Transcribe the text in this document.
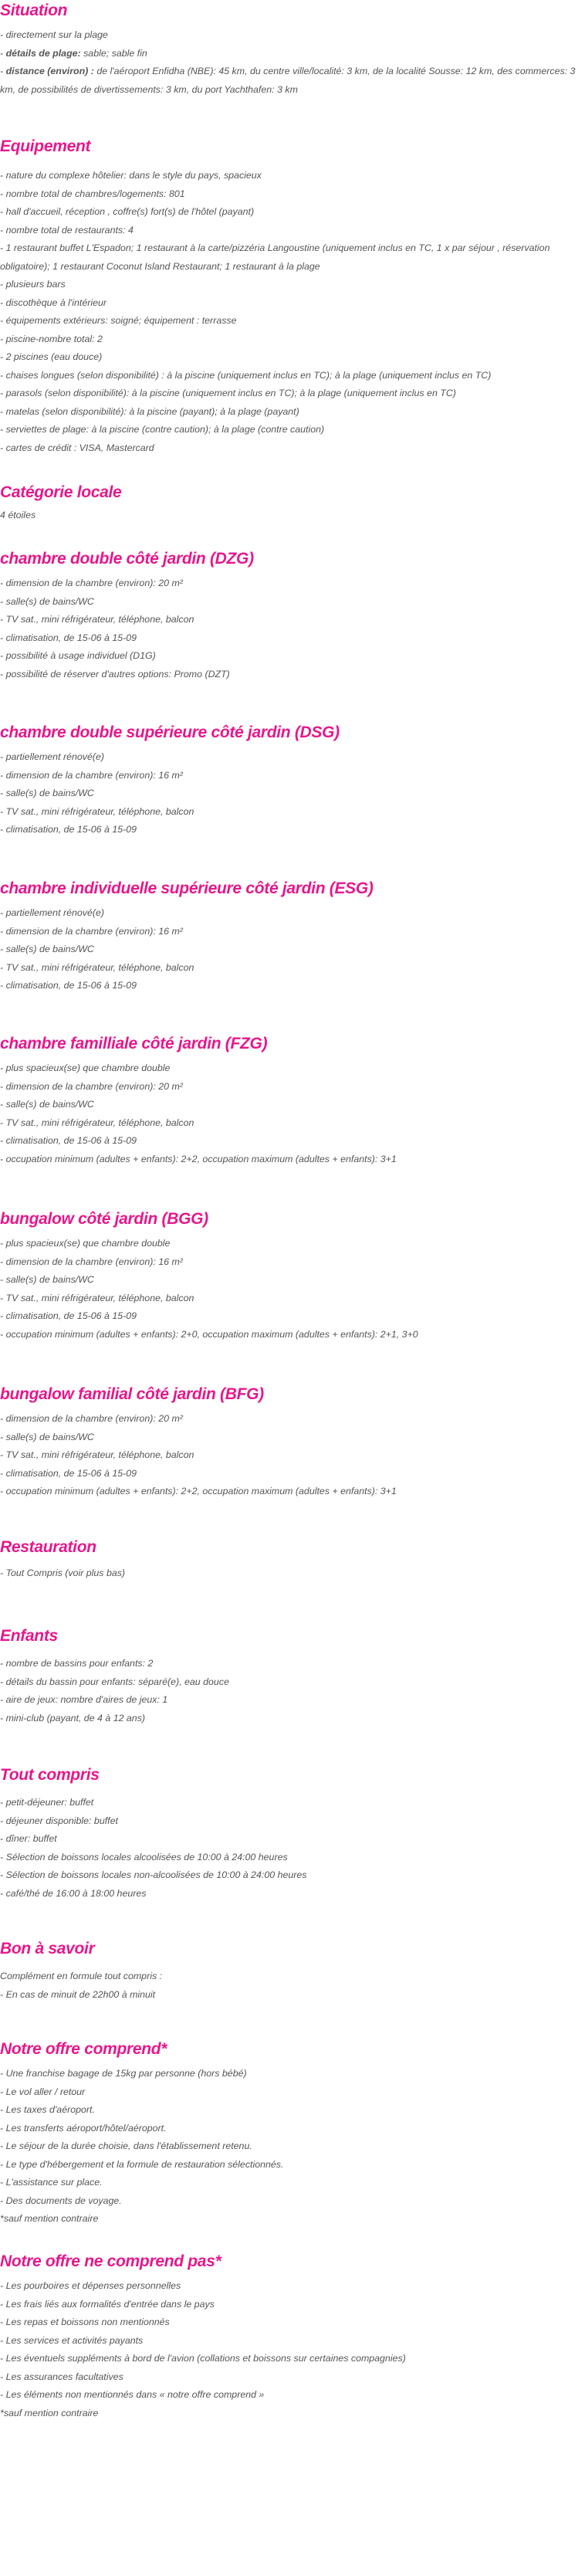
Situation
- directement sur la plage
- détails de plage: sable; sable fin
- distance (environ) : de l'aéroport Enfidha (NBE): 45 km, du centre ville/localité: 3 km, de la localité Sousse: 12 km, des commerces: 3 km, de possibilités de divertissements: 3 km, du port Yachthafen: 3 km
Equipement
- nature du complexe hôtelier: dans le style du pays, spacieux
- nombre total de chambres/logements: 801
- hall d'accueil, réception , coffre(s) fort(s) de l'hôtel (payant)
- nombre total de restaurants: 4
- 1 restaurant buffet L'Espadon; 1 restaurant à la carte/pizzéria Langoustine (uniquement inclus en TC, 1 x par séjour , réservation obligatoire); 1 restaurant Coconut Island Restaurant; 1 restaurant à la plage
- plusieurs bars
- discothèque à l'intérieur
- équipements extérieurs: soigné; équipement : terrasse
- piscine-nombre total: 2
- 2 piscines (eau douce)
- chaises longues (selon disponibilité) : à la piscine (uniquement inclus en TC); à la plage (uniquement inclus en TC)
- parasols (selon disponibilité): à la piscine (uniquement inclus en TC); à la plage (uniquement inclus en TC)
- matelas (selon disponibilité): à la piscine (payant); à la plage (payant)
- serviettes de plage: à la piscine (contre caution); à la plage (contre caution)
- cartes de crédit : VISA, Mastercard
Catégorie locale
4 étoiles
chambre double côté jardin (DZG)
- dimension de la chambre (environ): 20 m²
- salle(s) de bains/WC
- TV sat., mini réfrigérateur, téléphone, balcon
- climatisation, de 15-06 à 15-09
- possibilité à usage individuel (D1G)
- possibilité de réserver d'autres options: Promo (DZT)
chambre double supérieure côté jardin (DSG)
- partiellement rénové(e)
- dimension de la chambre (environ): 16 m²
- salle(s) de bains/WC
- TV sat., mini réfrigérateur, téléphone, balcon
- climatisation, de 15-06 à 15-09
chambre individuelle supérieure côté jardin (ESG)
- partiellement rénové(e)
- dimension de la chambre (environ): 16 m²
- salle(s) de bains/WC
- TV sat., mini réfrigérateur, téléphone, balcon
- climatisation, de 15-06 à 15-09
chambre familliale côté jardin (FZG)
- plus spacieux(se) que chambre double
- dimension de la chambre (environ): 20 m²
- salle(s) de bains/WC
- TV sat., mini réfrigérateur, téléphone, balcon
- climatisation, de 15-06 à 15-09
- occupation minimum (adultes + enfants): 2+2, occupation maximum (adultes + enfants): 3+1
bungalow côté jardin (BGG)
- plus spacieux(se) que chambre double
- dimension de la chambre (environ): 16 m²
- salle(s) de bains/WC
- TV sat., mini réfrigérateur, téléphone, balcon
- climatisation, de 15-06 à 15-09
- occupation minimum (adultes + enfants): 2+0, occupation maximum (adultes + enfants): 2+1, 3+0
bungalow familial côté jardin (BFG)
- dimension de la chambre (environ): 20 m²
- salle(s) de bains/WC
- TV sat., mini réfrigérateur, téléphone, balcon
- climatisation, de 15-06 à 15-09
- occupation minimum (adultes + enfants): 2+2, occupation maximum (adultes + enfants): 3+1
Restauration
- Tout Compris (voir plus bas)
Enfants
- nombre de bassins pour enfants: 2
- détails du bassin pour enfants: séparé(e), eau douce
- aire de jeux: nombre d'aires de jeux: 1
- mini-club (payant, de 4 à 12 ans)
Tout compris
- petit-déjeuner: buffet
- déjeuner disponible: buffet
- dîner: buffet
- Sélection de boissons locales alcoolisées de 10:00 à 24:00 heures
- Sélection de boissons locales non-alcoolisées de 10:00 à 24:00 heures
- café/thé de 16:00 à 18:00 heures
Bon à savoir
Complément en formule tout compris :
- En cas de minuit de 22h00 à minuit
Notre offre comprend*
- Une franchise bagage de 15kg par personne (hors bébé)
- Le vol aller / retour
- Les taxes d'aéroport.
- Les transferts aéroport/hôtel/aéroport.
- Le séjour de la durée choisie, dans l'établissement retenu.
- Le type d'hébergement et la formule de restauration sélectionnés.
- L'assistance sur place.
- Des documents de voyage.
*sauf mention contraire
Notre offre ne comprend pas*
- Les pourboires et dépenses personnelles
- Les frais liés aux formalités d'entrée dans le pays
- Les repas et boissons non mentionnés
- Les services et activités payants
- Les éventuels suppléments à bord de l'avion (collations et boissons sur certaines compagnies)
- Les assurances facultatives
- Les éléments non mentionnés dans « notre offre comprend »
*sauf mention contraire
